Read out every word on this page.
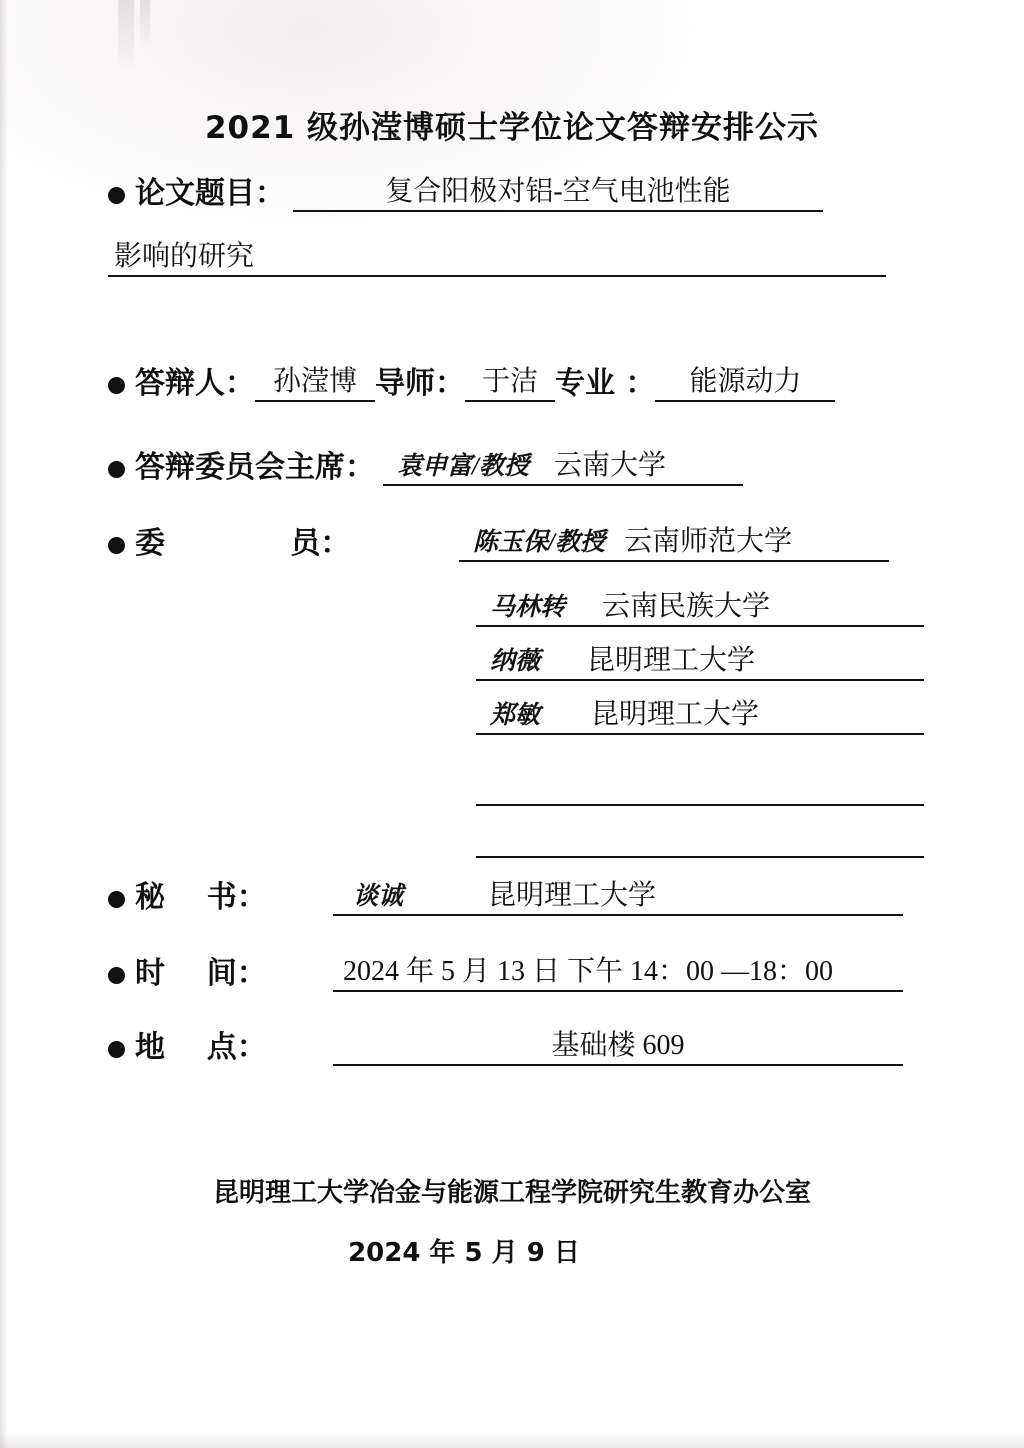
2021 级孙滢博硕士学位论文答辩安排公示
论文题目：	复合阳极对铝-空气电池性能
影响的研究
答辩人： 孙滢博 导师： 于洁 专业 ：	能源动力
答辩委员会主席： 袁申富/教授 云南大学
委            员：	陈玉保/教授 云南师范大学
马林转 云南民族大学
纳薇 昆明理工大学
郑敏 昆明理工大学
秘    书：	谈诚	昆明理工大学
时    间：	2024 年 5 月 13 日 下午 14：00 —18：00
地    点：	基础楼 609
昆明理工大学冶金与能源工程学院研究生教育办公室
2024 年 5 月 9 日
